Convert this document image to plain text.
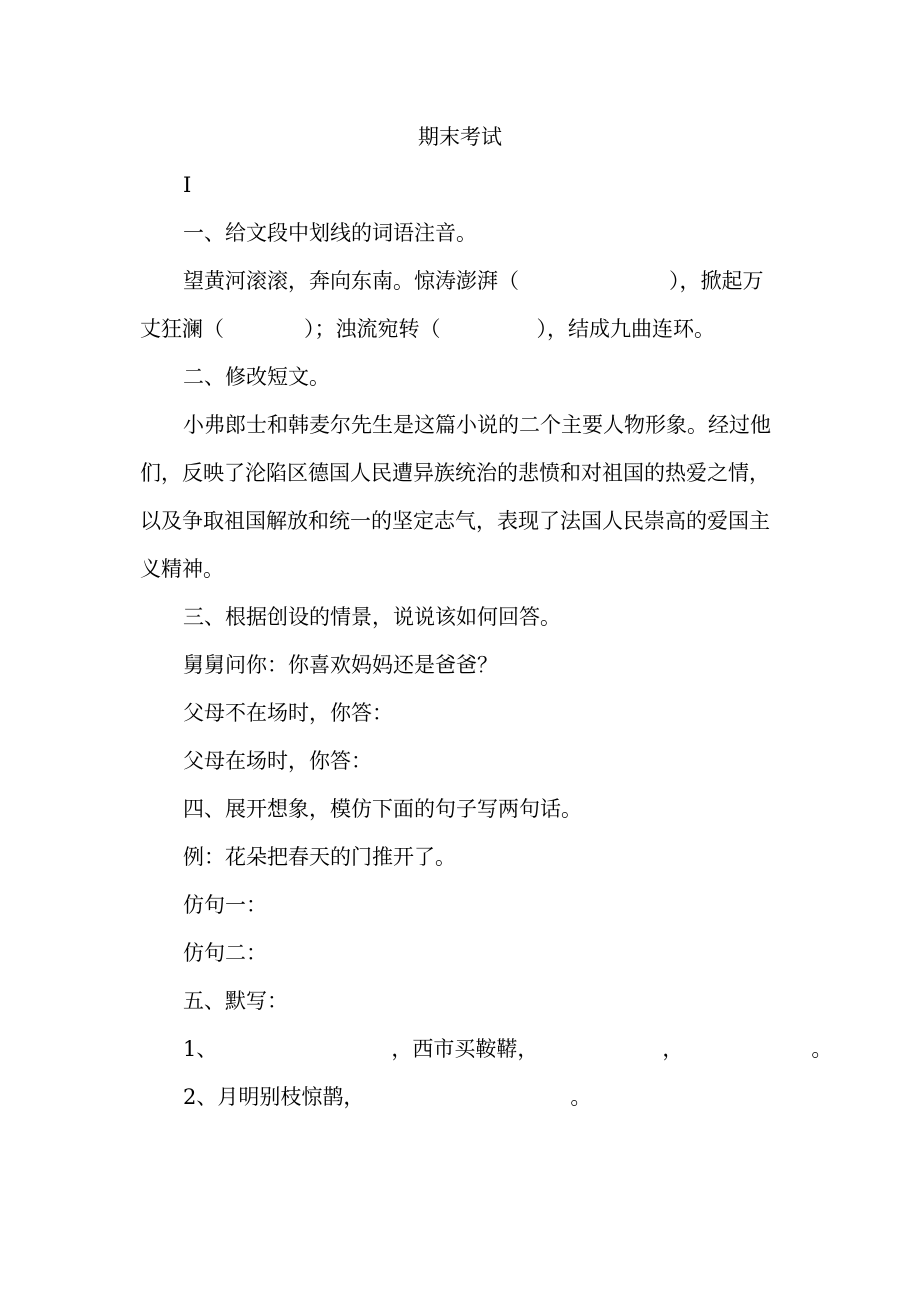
期末考试
I
一、给文段中划线的词语注音。
望黄河滚滚，奔向东南。惊涛澎湃（	），掀起万
丈狂澜（	）；浊流宛转（	），结成九曲连环。
二、修改短文。
小弗郎士和韩麦尔先生是这篇小说的二个主要人物形象。经过他
们，反映了沦陷区德国人民遭异族统治的悲愤和对祖国的热爱之情，
以及争取祖国解放和统一的坚定志气，表现了法国人民崇高的爱国主
义精神。
三、根据创设的情景，说说该如何回答。
舅舅问你：你喜欢妈妈还是爸爸？
父母不在场时，你答：
父母在场时，你答：
四、展开想象，模仿下面的句子写两句话。
例：花朵把春天的门推开了。
仿句一：
仿句二：
五、默写：
1、	，西市买鞍鞯，	，	。
2、月明别枝惊鹊，	。
